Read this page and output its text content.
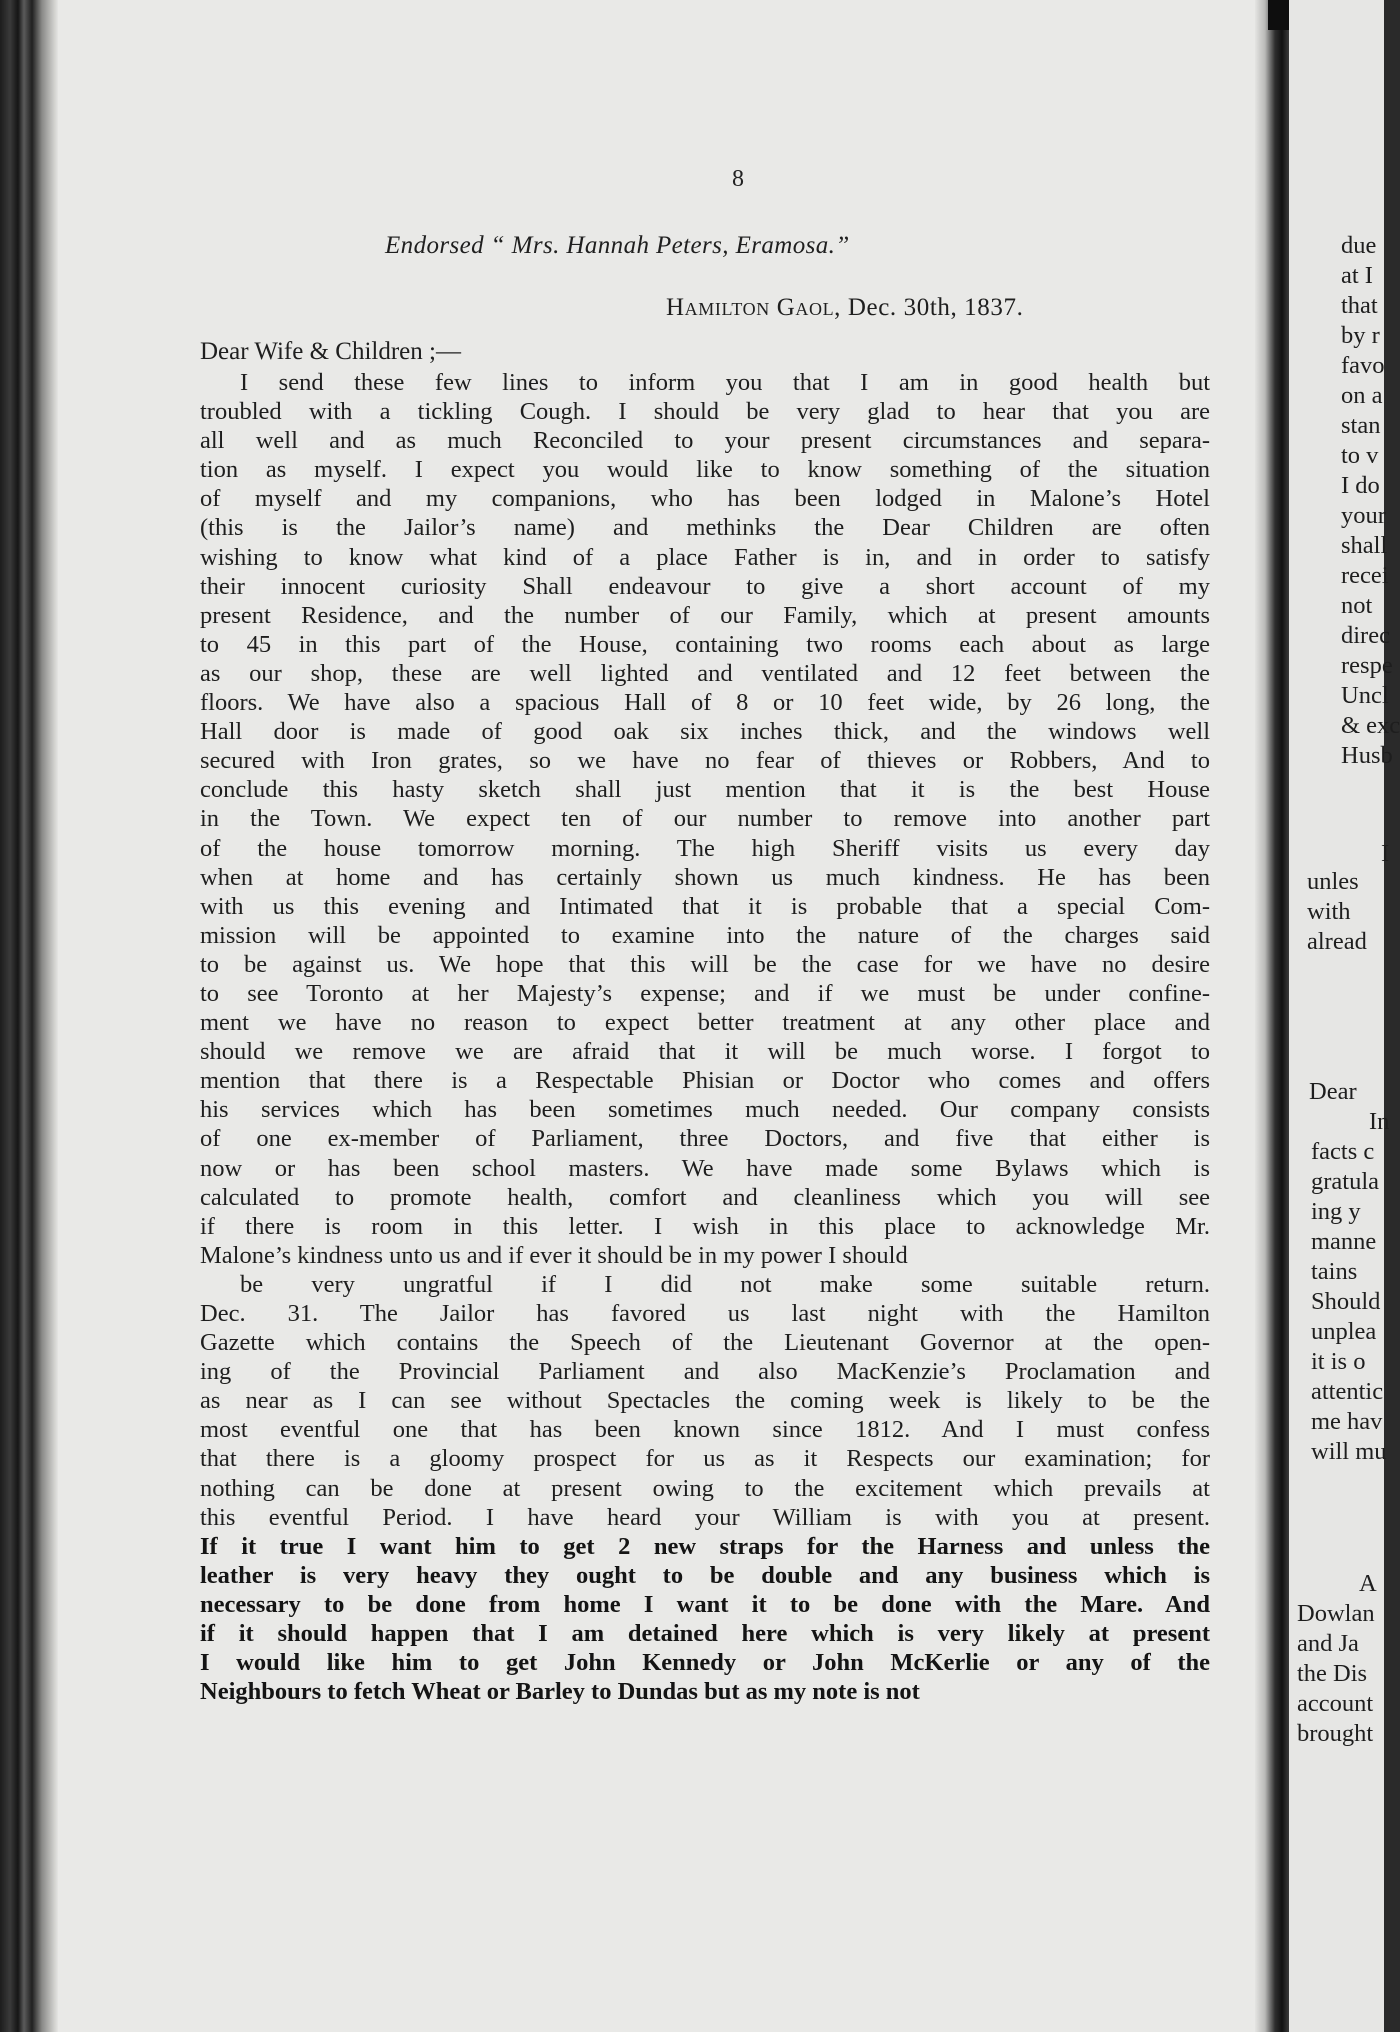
8
Endorsed “ Mrs. Hannah Peters, Eramosa.”
Hamilton Gaol, Dec. 30th, 1837.
Dear Wife & Children ;—
I send these few lines to inform you that I am in good health but
troubled with a tickling Cough. I should be very glad to hear that you are
all well and as much Reconciled to your present circumstances and separa-
tion as myself. I expect you would like to know something of the situation
of myself and my companions, who has been lodged in Malone’s Hotel
(this is the Jailor’s name) and methinks the Dear Children are often
wishing to know what kind of a place Father is in, and in order to satisfy
their innocent curiosity Shall endeavour to give a short account of my
present Residence, and the number of our Family, which at present amounts
to 45 in this part of the House, containing two rooms each about as large
as our shop, these are well lighted and ventilated and 12 feet between the
floors. We have also a spacious Hall of 8 or 10 feet wide, by 26 long, the
Hall door is made of good oak six inches thick, and the windows well
secured with Iron grates, so we have no fear of thieves or Robbers, And to
conclude this hasty sketch shall just mention that it is the best House
in the Town. We expect ten of our number to remove into another part
of the house tomorrow morning. The high Sheriff visits us every day
when at home and has certainly shown us much kindness. He has been
with us this evening and Intimated that it is probable that a special Com-
mission will be appointed to examine into the nature of the charges said
to be against us. We hope that this will be the case for we have no desire
to see Toronto at her Majesty’s expense; and if we must be under confine-
ment we have no reason to expect better treatment at any other place and
should we remove we are afraid that it will be much worse. I forgot to
mention that there is a Respectable Phisian or Doctor who comes and offers
his services which has been sometimes much needed. Our company consists
of one ex-member of Parliament, three Doctors, and five that either is
now or has been school masters. We have made some Bylaws which is
calculated to promote health, comfort and cleanliness which you will see
if there is room in this letter. I wish in this place to acknowledge Mr.
Malone’s kindness unto us and if ever it should be in my power I should
be very ungratful if I did not make some suitable return.
Dec. 31. The Jailor has favored us last night with the Hamilton
Gazette which contains the Speech of the Lieutenant Governor at the open-
ing of the Provincial Parliament and also MacKenzie’s Proclamation and
as near as I can see without Spectacles the coming week is likely to be the
most eventful one that has been known since 1812. And I must confess
that there is a gloomy prospect for us as it Respects our examination; for
nothing can be done at present owing to the excitement which prevails at
this eventful Period. I have heard your William is with you at present.
If it true I want him to get 2 new straps for the Harness and unless the
leather is very heavy they ought to be double and any business which is
necessary to be done from home I want it to be done with the Mare. And
if it should happen that I am detained here which is very likely at present
I would like him to get John Kennedy or John McKerlie or any of the
Neighbours to fetch Wheat or Barley to Dundas but as my note is not
due
at I
that
by r
favo
on a
stan
to v
I do
your
shall
recei
not
direc
respe
Uncl
& exc
Husb
I
unles
with
alread
Dear
In
facts c
gratula
ing y
manne
tains
Should
unplea
it is o
attentic
me hav
will mu
A
Dowlan
and Ja
the Dis
account
brought
